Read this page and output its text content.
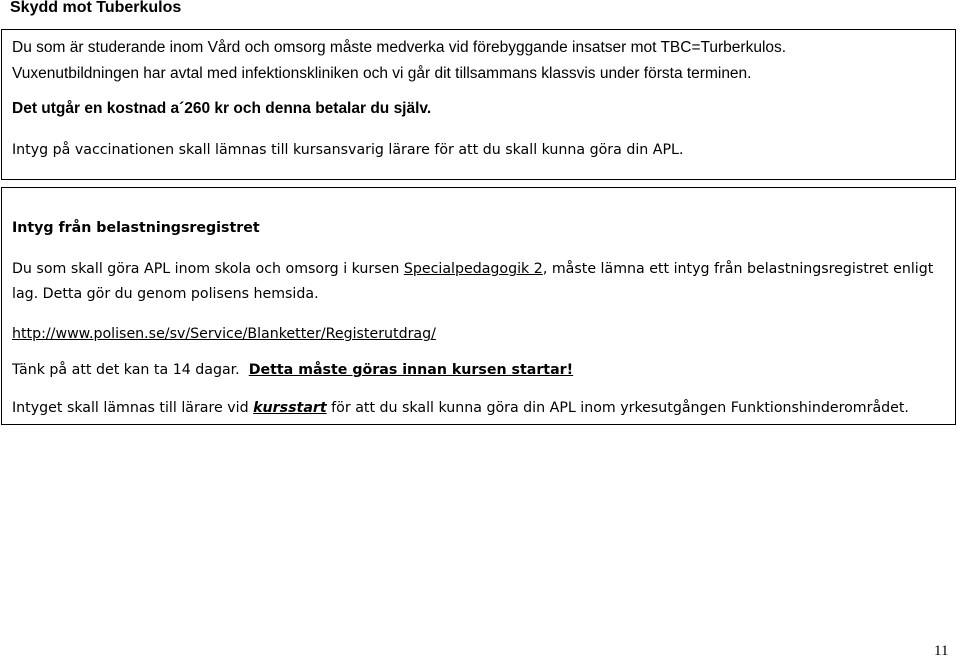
Skydd mot Tuberkulos
Du som är studerande inom Vård och omsorg måste medverka vid förebyggande insatser mot TBC=Turberkulos.
Vuxenutbildningen har avtal med infektionskliniken och vi går dit tillsammans klassvis under första terminen.
Det utgår en kostnad a´260 kr och denna betalar du själv.
Intyg på vaccinationen skall lämnas till kursansvarig lärare för att du skall kunna göra din APL.
Intyg från belastningsregistret
Du som skall göra APL inom skola och omsorg i kursen Specialpedagogik 2, måste lämna ett intyg från belastningsregistret enligt
lag. Detta gör du genom polisens hemsida.
http://www.polisen.se/sv/Service/Blanketter/Registerutdrag/
Tänk på att det kan ta 14 dagar.  Detta måste göras innan kursen startar!
Intyget skall lämnas till lärare vid kursstart för att du skall kunna göra din APL inom yrkesutgången Funktionshinderområdet.
11
